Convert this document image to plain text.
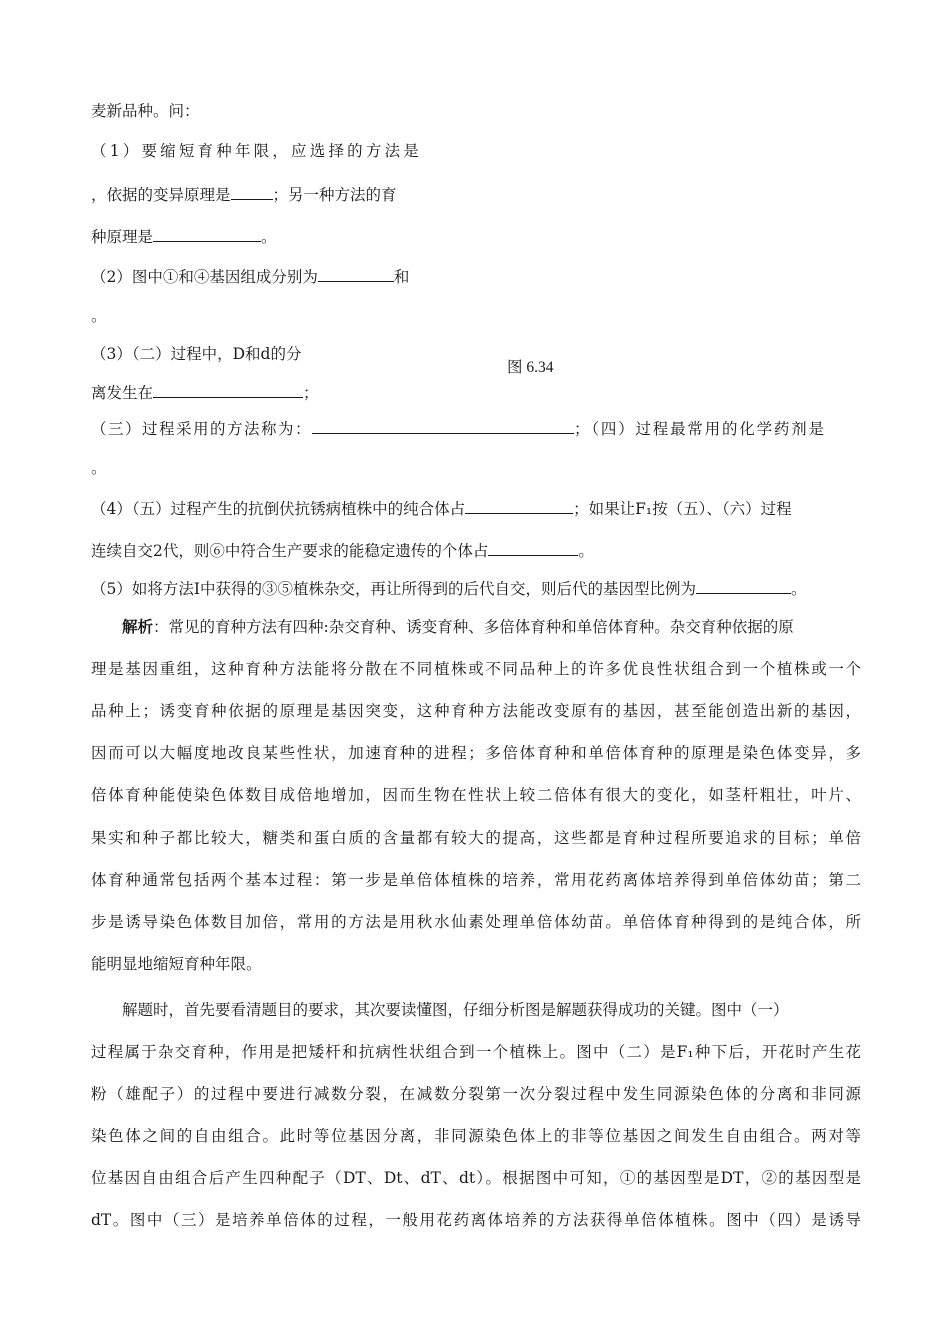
麦新品种。问：
（1）要缩短育种年限，应选择的方法是
，依据的变异原理是	；另一种方法的育
种原理是	。
（2）图中①和④基因组成分别为	和
。
（3）（二）过程中，D和d的分
图 6.34
离发生在	；
（三）过程采用的方法称为：	；（四）过程最常用的化学药剂是
。
（4）（五）过程产生的抗倒伏抗锈病植株中的纯合体占	；如果让F₁按（五）、（六）过程
连续自交2代，则⑥中符合生产要求的能稳定遗传的个体占	。
（5）如将方法Ⅰ中获得的③⑤植株杂交，再让所得到的后代自交，则后代的基因型比例为	。
解析：常见的育种方法有四种:杂交育种、诱变育种、多倍体育种和单倍体育种。杂交育种依据的原
理是基因重组，这种育种方法能将分散在不同植株或不同品种上的许多优良性状组合到一个植株或一个
品种上；诱变育种依据的原理是基因突变，这种育种方法能改变原有的基因，甚至能创造出新的基因，
因而可以大幅度地改良某些性状，加速育种的进程；多倍体育种和单倍体育种的原理是染色体变异，多
倍体育种能使染色体数目成倍地增加，因而生物在性状上较二倍体有很大的变化，如茎杆粗壮，叶片、
果实和种子都比较大，糖类和蛋白质的含量都有较大的提高，这些都是育种过程所要追求的目标；单倍
体育种通常包括两个基本过程：第一步是单倍体植株的培养，常用花药离体培养得到单倍体幼苗；第二
步是诱导染色体数目加倍，常用的方法是用秋水仙素处理单倍体幼苗。单倍体育种得到的是纯合体，所
能明显地缩短育种年限。
解题时，首先要看清题目的要求，其次要读懂图，仔细分析图是解题获得成功的关键。图中（一）
过程属于杂交育种，作用是把矮杆和抗病性状组合到一个植株上。图中（二）是F₁种下后，开花时产生花
粉（雄配子）的过程中要进行减数分裂，在减数分裂第一次分裂过程中发生同源染色体的分离和非同源
染色体之间的自由组合。此时等位基因分离，非同源染色体上的非等位基因之间发生自由组合。两对等
位基因自由组合后产生四种配子（DT、Dt、dT、dt）。根据图中可知，①的基因型是DT，②的基因型是
dT。图中（三）是培养单倍体的过程，一般用花药离体培养的方法获得单倍体植株。图中（四）是诱导
